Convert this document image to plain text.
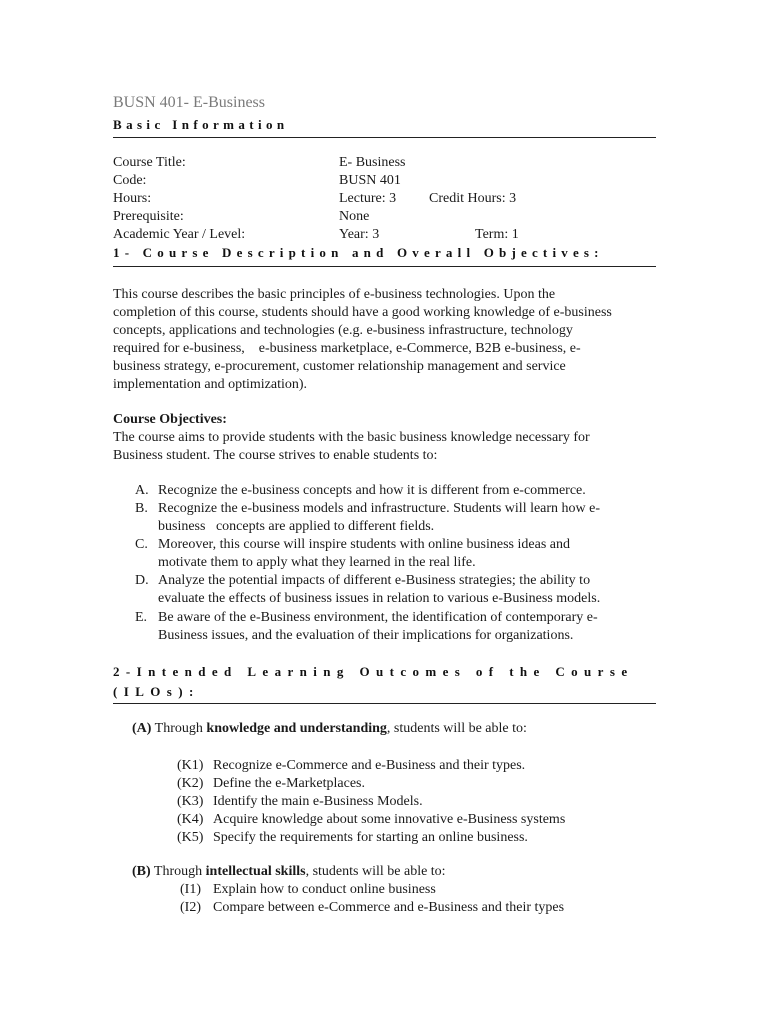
BUSN 401- E-Business
Basic Information
Course Title:	E- Business
Code:	BUSN 401
Hours:	Lecture: 3 Credit Hours: 3
Prerequisite:	None
Academic Year / Level:	Year: 3	Term: 1
1- Course Description and Overall Objectives:
This course describes the basic principles of e-business technologies. Upon the
completion of this course, students should have a good working knowledge of e-business
concepts, applications and technologies (e.g. e-business infrastructure, technology
required for e-business,    e-business marketplace, e-Commerce, B2B e-business, e-
business strategy, e-procurement, customer relationship management and service
implementation and optimization).
Course Objectives:
The course aims to provide students with the basic business knowledge necessary for
Business student. The course strives to enable students to:
A. Recognize the e-business concepts and how it is different from e-commerce.
B. Recognize the e-business models and infrastructure. Students will learn how e-
business   concepts are applied to different fields.
C. Moreover, this course will inspire students with online business ideas and
motivate them to apply what they learned in the real life.
D. Analyze the potential impacts of different e-Business strategies; the ability to
evaluate the effects of business issues in relation to various e-Business models.
E. Be aware of the e-Business environment, the identification of contemporary e-
Business issues, and the evaluation of their implications for organizations.
2-Intended Learning Outcomes of the Course
(ILOs):
(A) Through knowledge and understanding, students will be able to:
(K1) Recognize e-Commerce and e-Business and their types.
(K2) Define the e-Marketplaces.
(K3) Identify the main e-Business Models.
(K4) Acquire knowledge about some innovative e-Business systems
(K5) Specify the requirements for starting an online business.
(B) Through intellectual skills, students will be able to:
(I1) Explain how to conduct online business
(I2) Compare between e-Commerce and e-Business and their types
